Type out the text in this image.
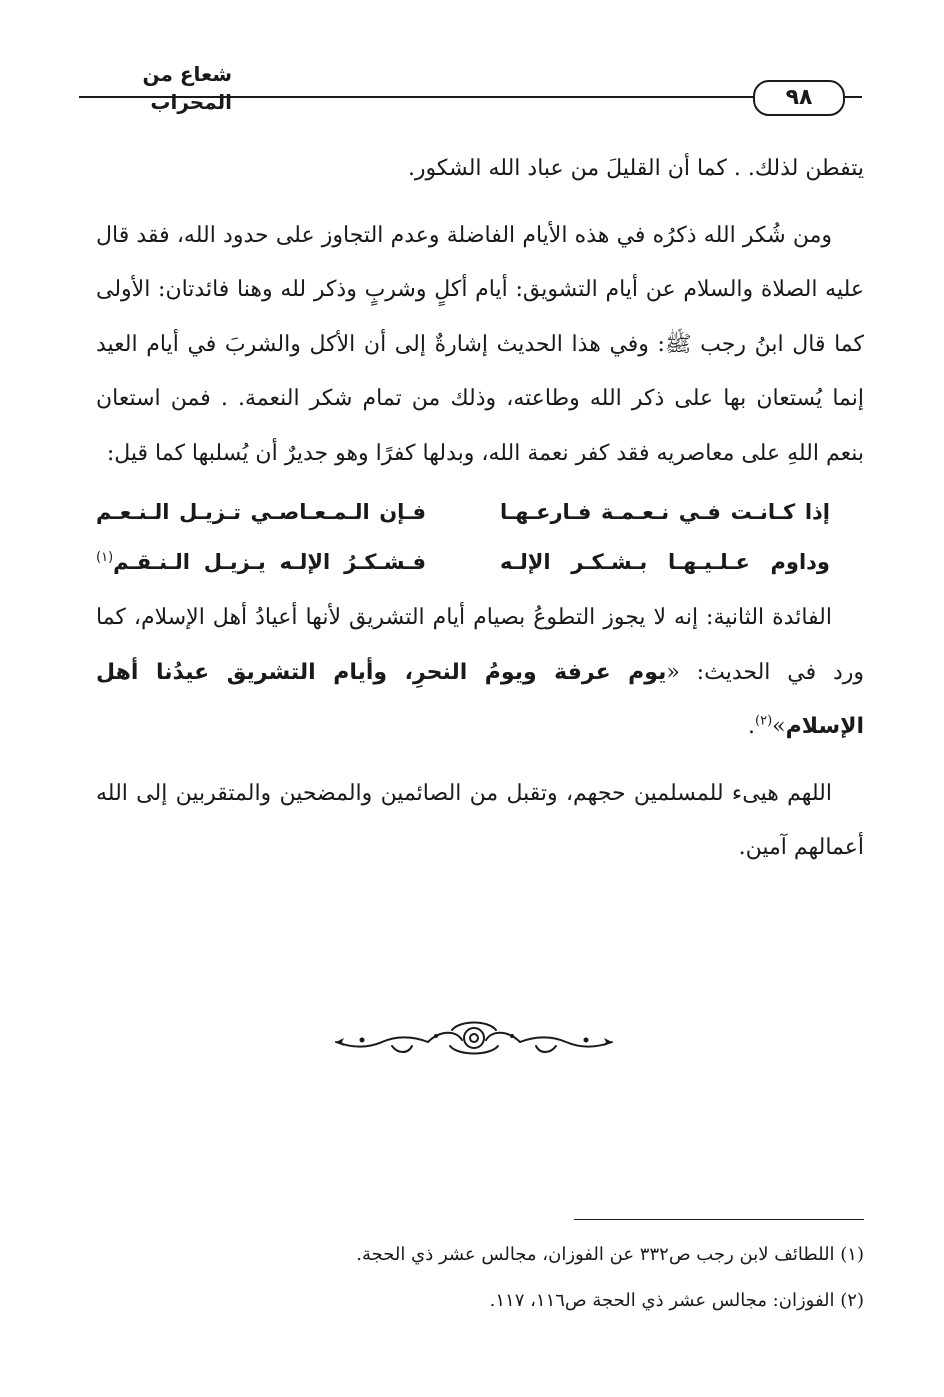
شعاع من المحراب	٩٨

يتفطن لذلك. . كما أن القليلَ من عباد الله الشكور.

ومن شُكر الله ذكرُه في هذه الأيام الفاضلة وعدم التجاوز على حدود الله، فقد قال عليه الصلاة والسلام عن أيام التشويق: أيام أكلٍ وشربٍ وذكر لله وهنا فائدتان: الأولى كما قال ابنُ رجب ﷺ: وفي هذا الحديث إشارةٌ إلى أن الأكل والشربَ في أيام العيد إنما يُستعان بها على ذكر الله وطاعته، وذلك من تمام شكر النعمة. . فمن استعان بنعم اللهِ على معاصريه فقد كفر نعمة الله، وبدلها كفرًا وهو جديرٌ أن يُسلبها كما قيل:

إذا كـانـت فـي نـعـمـة فـارعـهـا
فـإن الـمـعـاصـي تـزيـل الـنـعـم
وداوم عـلـيـهـا بـشـكـر الإلـه
فـشـكـرُ الإلـه يـزيـل الـنـقـم$^{(١)}$

الفائدة الثانية: إنه لا يجوز التطوعُ بصيام أيام التشريق لأنها أعيادُ أهل الإسلام، كما ورد في الحديث: «يوم عرفة ويومُ النحرِ، وأيام التشريق عيدُنا أهل الإسلام»$^{(٢)}$.

اللهم هيىء للمسلمين حجهم، وتقبل من الصائمين والمضحين والمتقربين إلى الله أعمالهم آمين.

(١) اللطائف لابن رجب ص٣٣٢ عن الفوزان، مجالس عشر ذي الحجة.

(٢) الفوزان: مجالس عشر ذي الحجة ص١١٦، ١١٧.
